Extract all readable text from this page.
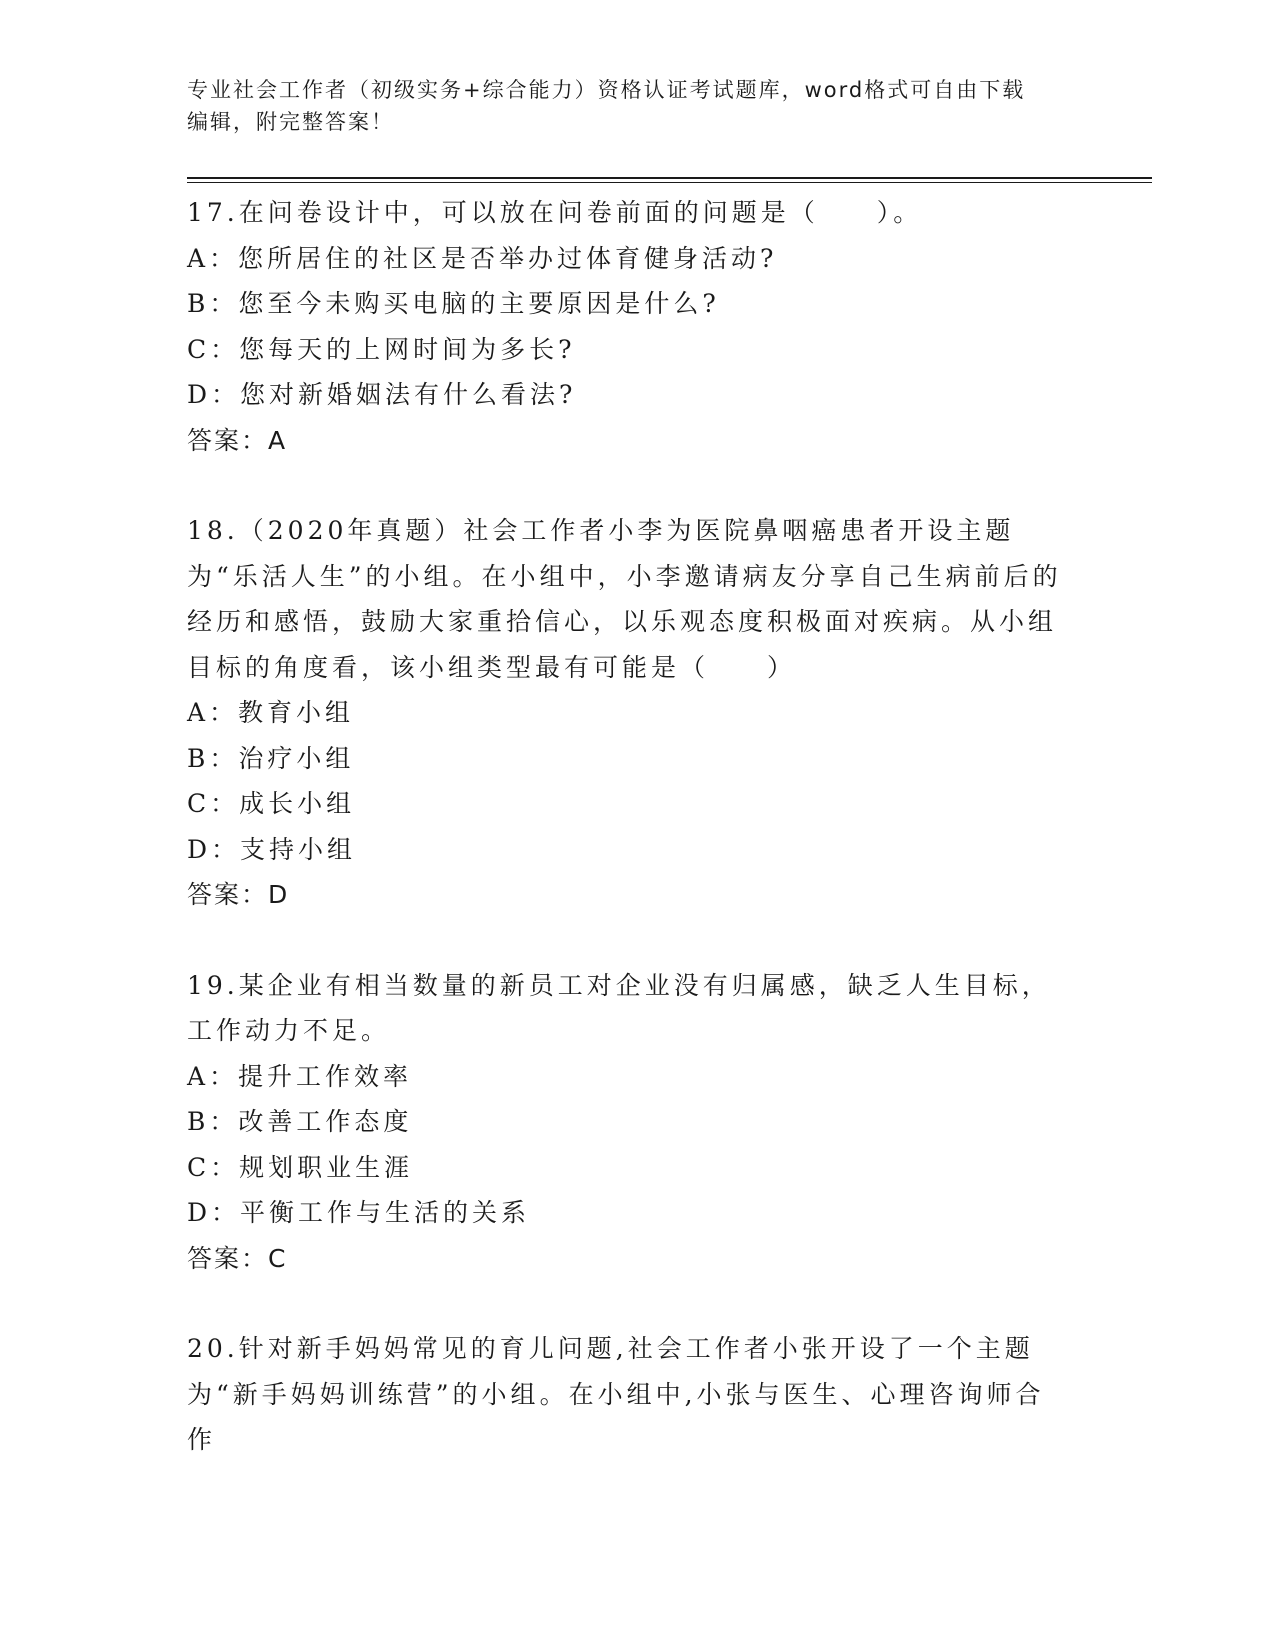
专业社会工作者（初级实务+综合能力）资格认证考试题库，word格式可自由下载
编辑，附完整答案！
17.在问卷设计中，可以放在问卷前面的问题是（　　）。
A：您所居住的社区是否举办过体育健身活动?
B：您至今未购买电脑的主要原因是什么?
C：您每天的上网时间为多长?
D：您对新婚姻法有什么看法?
答案：A
18.（2020年真题）社会工作者小李为医院鼻咽癌患者开设主题为“乐活人生”的小组。在小组中，小李邀请病友分享自己生病前后的经历和感悟，鼓励大家重拾信心，以乐观态度积极面对疾病。从小组目标的角度看，该小组类型最有可能是（　　）
A：教育小组
B：治疗小组
C：成长小组
D：支持小组
答案：D
19.某企业有相当数量的新员工对企业没有归属感，缺乏人生目标，工作动力不足。
A：提升工作效率
B：改善工作态度
C：规划职业生涯
D：平衡工作与生活的关系
答案：C
20.针对新手妈妈常见的育儿问题,社会工作者小张开设了一个主题为“新手妈妈训练营”的小组。在小组中,小张与医生、心理咨询师合作
